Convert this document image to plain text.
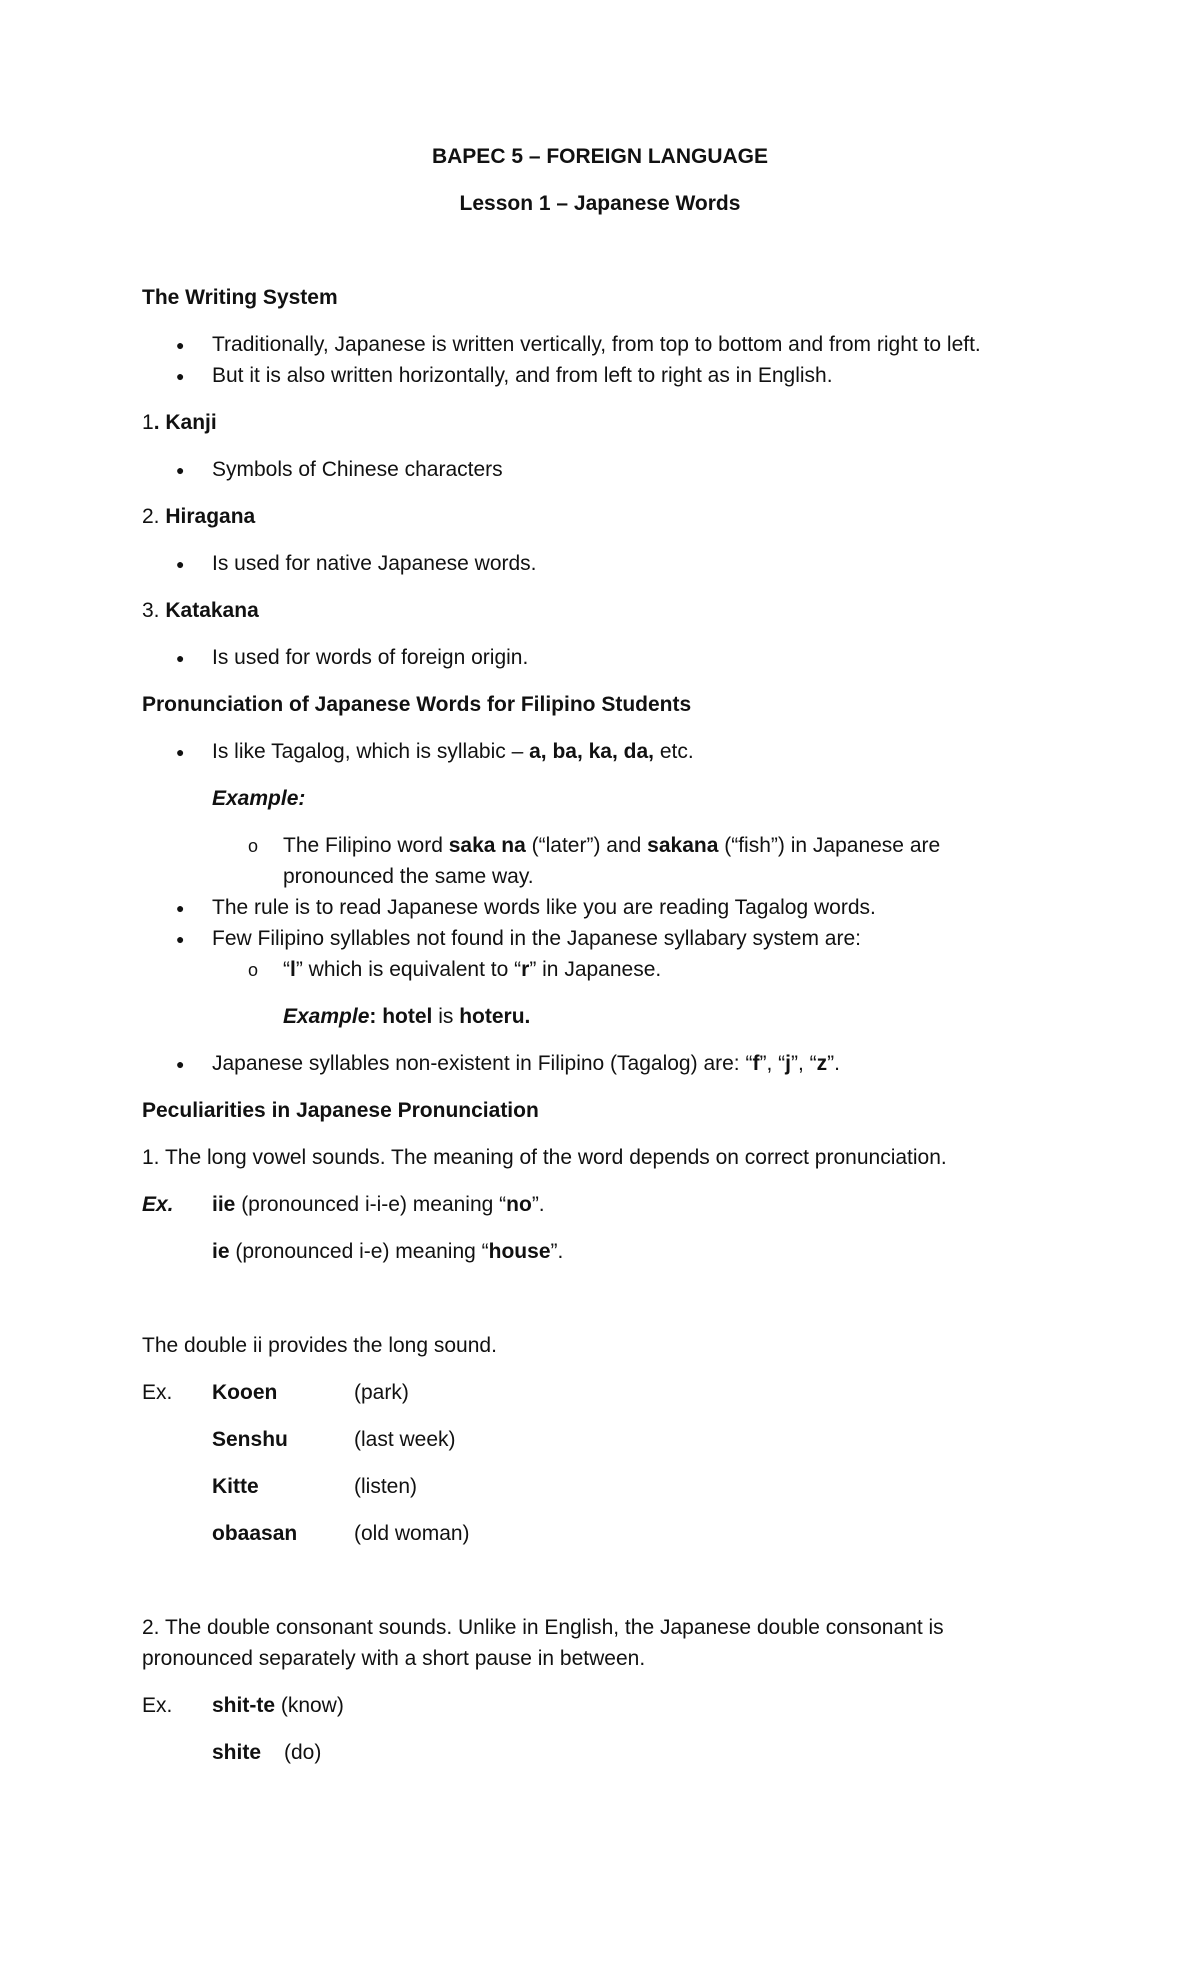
BAPEC 5 – FOREIGN LANGUAGE
Lesson 1 – Japanese Words
The Writing System
● Traditionally, Japanese is written vertically, from top to bottom and from right to left.
● But it is also written horizontally, and from left to right as in English.
1. Kanji
● Symbols of Chinese characters
2. Hiragana
● Is used for native Japanese words.
3. Katakana
● Is used for words of foreign origin.
Pronunciation of Japanese Words for Filipino Students
● Is like Tagalog, which is syllabic – a, ba, ka, da, etc.
Example:
o The Filipino word saka na (“later”) and sakana (“fish”) in Japanese are
pronounced the same way.
● The rule is to read Japanese words like you are reading Tagalog words.
● Few Filipino syllables not found in the Japanese syllabary system are:
o “l” which is equivalent to “r” in Japanese.
Example: hotel is hoteru.
● Japanese syllables non-existent in Filipino (Tagalog) are: “f”, “j”, “z”.
Peculiarities in Japanese Pronunciation
1. The long vowel sounds. The meaning of the word depends on correct pronunciation.
Ex. iie (pronounced i-i-e) meaning “no”.
ie (pronounced i-e) meaning “house”.
The double ii provides the long sound.
Ex. Kooen	(park)
Senshu	(last week)
Kitte	(listen)
obaasan	(old woman)
2. The double consonant sounds. Unlike in English, the Japanese double consonant is
pronounced separately with a short pause in between.
Ex. shit-te (know)
shite (do)
